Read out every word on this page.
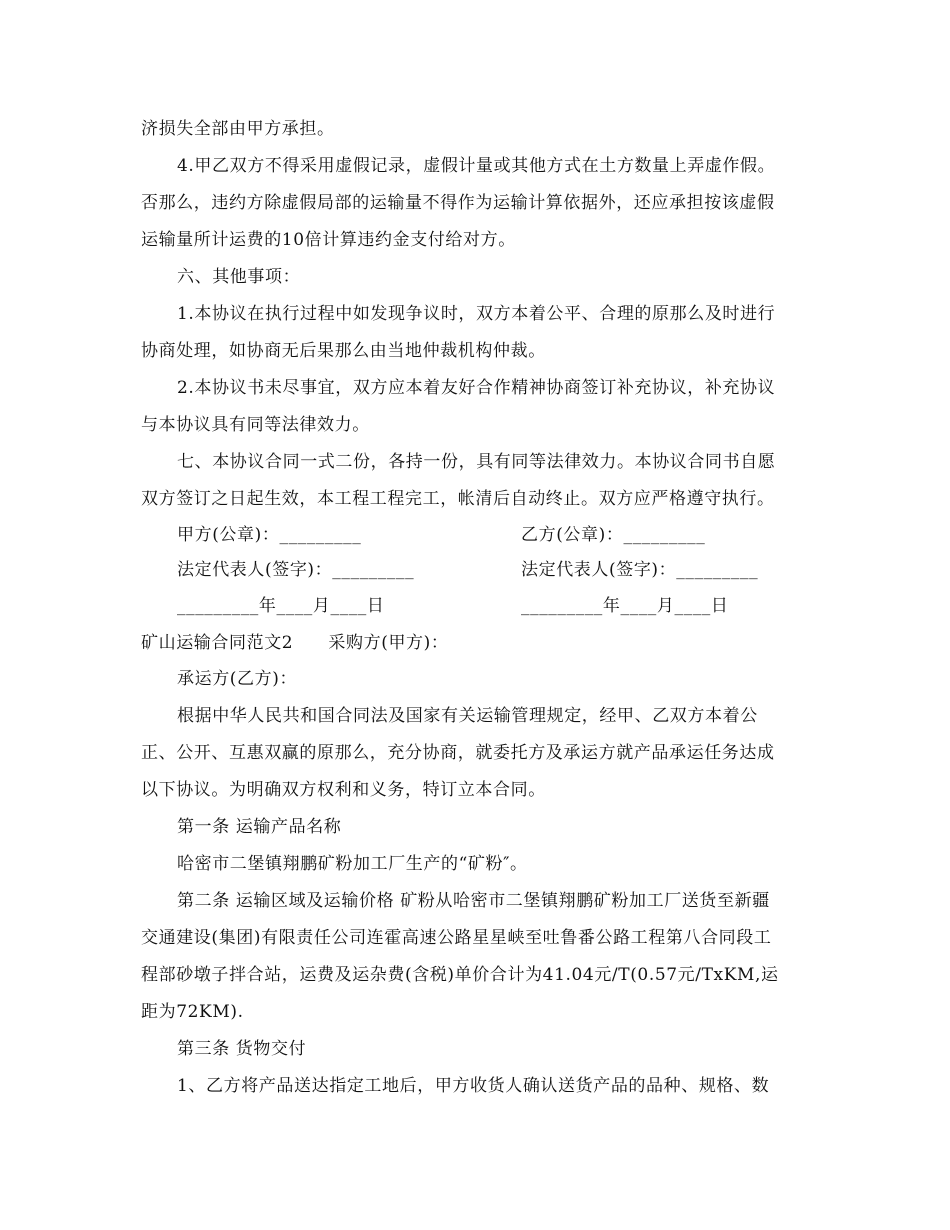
济损失全部由甲方承担。
4.甲乙双方不得采用虚假记录，虚假计量或其他方式在土方数量上弄虚作假。
否那么，违约方除虚假局部的运输量不得作为运输计算依据外，还应承担按该虚假
运输量所计运费的10倍计算违约金支付给对方。
六、其他事项：
1.本协议在执行过程中如发现争议时，双方本着公平、合理的原那么及时进行
协商处理，如协商无后果那么由当地仲裁机构仲裁。
2.本协议书未尽事宜，双方应本着友好合作精神协商签订补充协议，补充协议
与本协议具有同等法律效力。
七、本协议合同一式二份，各持一份，具有同等法律效力。本协议合同书自愿
双方签订之日起生效，本工程工程完工，帐清后自动终止。双方应严格遵守执行。
甲方(公章)：_________	乙方(公章)：_________
法定代表人(签字)：_________	法定代表人(签字)：_________
_________年____月____日	_________年____月____日
矿山运输合同范文2　　采购方(甲方)：
承运方(乙方)：
根据中华人民共和国合同法及国家有关运输管理规定，经甲、乙双方本着公
正、公开、互惠双赢的原那么，充分协商，就委托方及承运方就产品承运任务达成
以下协议。为明确双方权利和义务，特订立本合同。
第一条 运输产品名称
哈密市二堡镇翔鹏矿粉加工厂生产的“矿粉″。
第二条 运输区域及运输价格 矿粉从哈密市二堡镇翔鹏矿粉加工厂送货至新疆
交通建设(集团)有限责任公司连霍高速公路星星峡至吐鲁番公路工程第八合同段工
程部砂墩子拌合站，运费及运杂费(含税)单价合计为41.04元/T(0.57元/TxKM,运
距为72KM).
第三条 货物交付
1、乙方将产品送达指定工地后，甲方收货人确认送货产品的品种、规格、数
